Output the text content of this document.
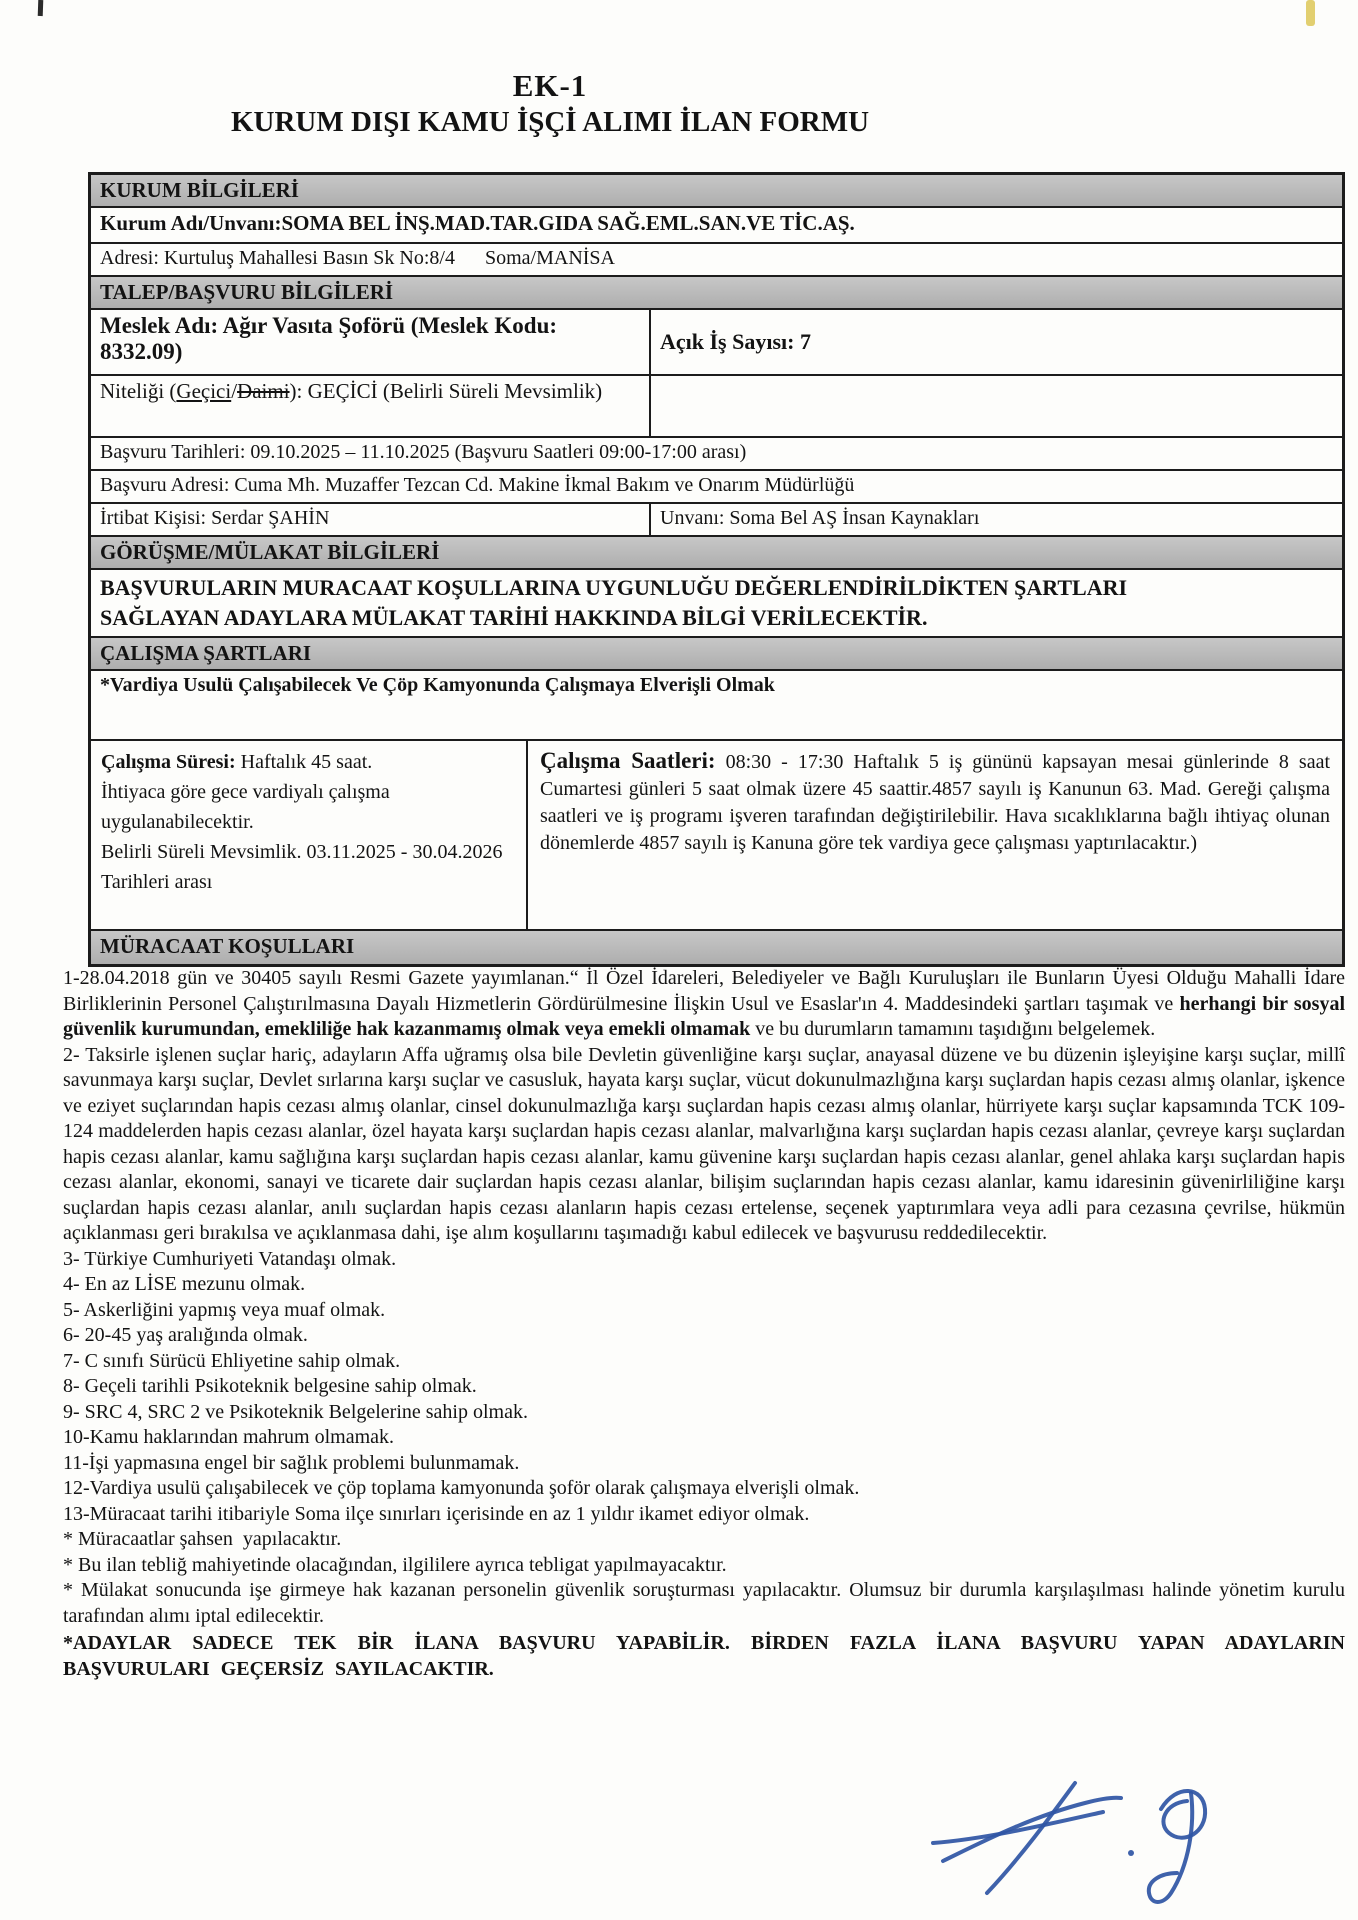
EK-1
KURUM DIŞI KAMU İŞÇİ ALIMI İLAN FORMU
KURUM BİLGİLERİ
Kurum Adı/Unvanı:SOMA BEL İNŞ.MAD.TAR.GIDA SAĞ.EML.SAN.VE TİC.AŞ.
Adresi: Kurtuluş Mahallesi Basın Sk No:8/4      Soma/MANİSA
TALEP/BAŞVURU BİLGİLERİ
Meslek Adı: Ağır Vasıta Şoförü (Meslek Kodu: 8332.09)	Açık İş Sayısı: 7
Niteliği (Geçici/Daimi): GEÇİCİ (Belirli Süreli Mevsimlik)
Başvuru Tarihleri: 09.10.2025 – 11.10.2025 (Başvuru Saatleri 09:00-17:00 arası)
Başvuru Adresi: Cuma Mh. Muzaffer Tezcan Cd. Makine İkmal Bakım ve Onarım Müdürlüğü
İrtibat Kişisi: Serdar ŞAHİN	Unvanı: Soma Bel AŞ İnsan Kaynakları
GÖRÜŞME/MÜLAKAT BİLGİLERİ
BAŞVURULARIN MURACAAT KOŞULLARINA UYGUNLUĞU DEĞERLENDİRİLDİKTEN ŞARTLARI
SAĞLAYAN ADAYLARA MÜLAKAT TARİHİ HAKKINDA BİLGİ VERİLECEKTİR.
ÇALIŞMA ŞARTLARI
*Vardiya Usulü Çalışabilecek Ve Çöp Kamyonunda Çalışmaya Elverişli Olmak
Çalışma Süresi: Haftalık 45 saat.
İhtiyaca göre gece vardiyalı çalışma
uygulanabilecektir.
Belirli Süreli Mevsimlik. 03.11.2025 - 30.04.2026
Tarihleri arası
Çalışma Saatleri: 08:30 - 17:30 Haftalık 5 iş gününü kapsayan mesai günlerinde 8 saat Cumartesi günleri 5 saat olmak üzere 45 saattir.4857 sayılı iş Kanunun 63. Mad. Gereği çalışma saatleri ve iş programı işveren tarafından değiştirilebilir. Hava sıcaklıklarına bağlı ihtiyaç olunan dönemlerde 4857 sayılı iş Kanuna göre tek vardiya gece çalışması yaptırılacaktır.)
MÜRACAAT KOŞULLARI

1-28.04.2018 gün ve 30405 sayılı Resmi Gazete yayımlanan.“ İl Özel İdareleri, Belediyeler ve Bağlı Kuruluşları ile Bunların Üyesi Olduğu Mahalli İdare Birliklerinin Personel Çalıştırılmasına Dayalı Hizmetlerin Gördürülmesine İlişkin Usul ve Esaslar'ın 4. Maddesindeki şartları taşımak ve herhangi bir sosyal güvenlik kurumundan, emekliliğe hak kazanmamış olmak veya emekli olmamak ve bu durumların tamamını taşıdığını belgelemek.

2- Taksirle işlenen suçlar hariç, adayların Affa uğramış olsa bile Devletin güvenliğine karşı suçlar, anayasal düzene ve bu düzenin işleyişine karşı suçlar, millî savunmaya karşı suçlar, Devlet sırlarına karşı suçlar ve casusluk, hayata karşı suçlar, vücut dokunulmazlığına karşı suçlardan hapis cezası almış olanlar, işkence ve eziyet suçlarından hapis cezası almış olanlar, cinsel dokunulmazlığa karşı suçlardan hapis cezası almış olanlar, hürriyete karşı suçlar kapsamında TCK 109-124 maddelerden hapis cezası alanlar, özel hayata karşı suçlardan hapis cezası alanlar, malvarlığına karşı suçlardan hapis cezası alanlar, çevreye karşı suçlardan hapis cezası alanlar, kamu sağlığına karşı suçlardan hapis cezası alanlar, kamu güvenine karşı suçlardan hapis cezası alanlar, genel ahlaka karşı suçlardan hapis cezası alanlar, ekonomi, sanayi ve ticarete dair suçlardan hapis cezası alanlar, bilişim suçlarından hapis cezası alanlar, kamu idaresinin güvenirliliğine karşı suçlardan hapis cezası alanlar, anılı suçlardan hapis cezası alanların hapis cezası ertelense, seçenek yaptırımlara veya adli para cezasına çevrilse, hükmün açıklanması geri bırakılsa ve açıklanmasa dahi, işe alım koşullarını taşımadığı kabul edilecek ve başvurusu reddedilecektir.

3- Türkiye Cumhuriyeti Vatandaşı olmak.
4- En az LİSE mezunu olmak.
5- Askerliğini yapmış veya muaf olmak.
6- 20-45 yaş aralığında olmak.
7- C sınıfı Sürücü Ehliyetine sahip olmak.
8- Geçeli tarihli Psikoteknik belgesine sahip olmak.
9- SRC 4, SRC 2 ve Psikoteknik Belgelerine sahip olmak.
10-Kamu haklarından mahrum olmamak.
11-İşi yapmasına engel bir sağlık problemi bulunmamak.
12-Vardiya usulü çalışabilecek ve çöp toplama kamyonunda şoför olarak çalışmaya elverişli olmak.
13-Müracaat tarihi itibariyle Soma ilçe sınırları içerisinde en az 1 yıldır ikamet ediyor olmak.
* Müracaatlar şahsen  yapılacaktır.
* Bu ilan tebliğ mahiyetinde olacağından, ilgililere ayrıca tebligat yapılmayacaktır.
* Mülakat sonucunda işe girmeye hak kazanan personelin güvenlik soruşturması yapılacaktır. Olumsuz bir durumla karşılaşılması halinde yönetim kurulu tarafından alımı iptal edilecektir.

*ADAYLAR SADECE TEK BİR İLANA BAŞVURU YAPABİLİR. BİRDEN FAZLA İLANA BAŞVURU YAPAN ADAYLARIN BAŞVURULARI GEÇERSİZ SAYILACAKTIR.
